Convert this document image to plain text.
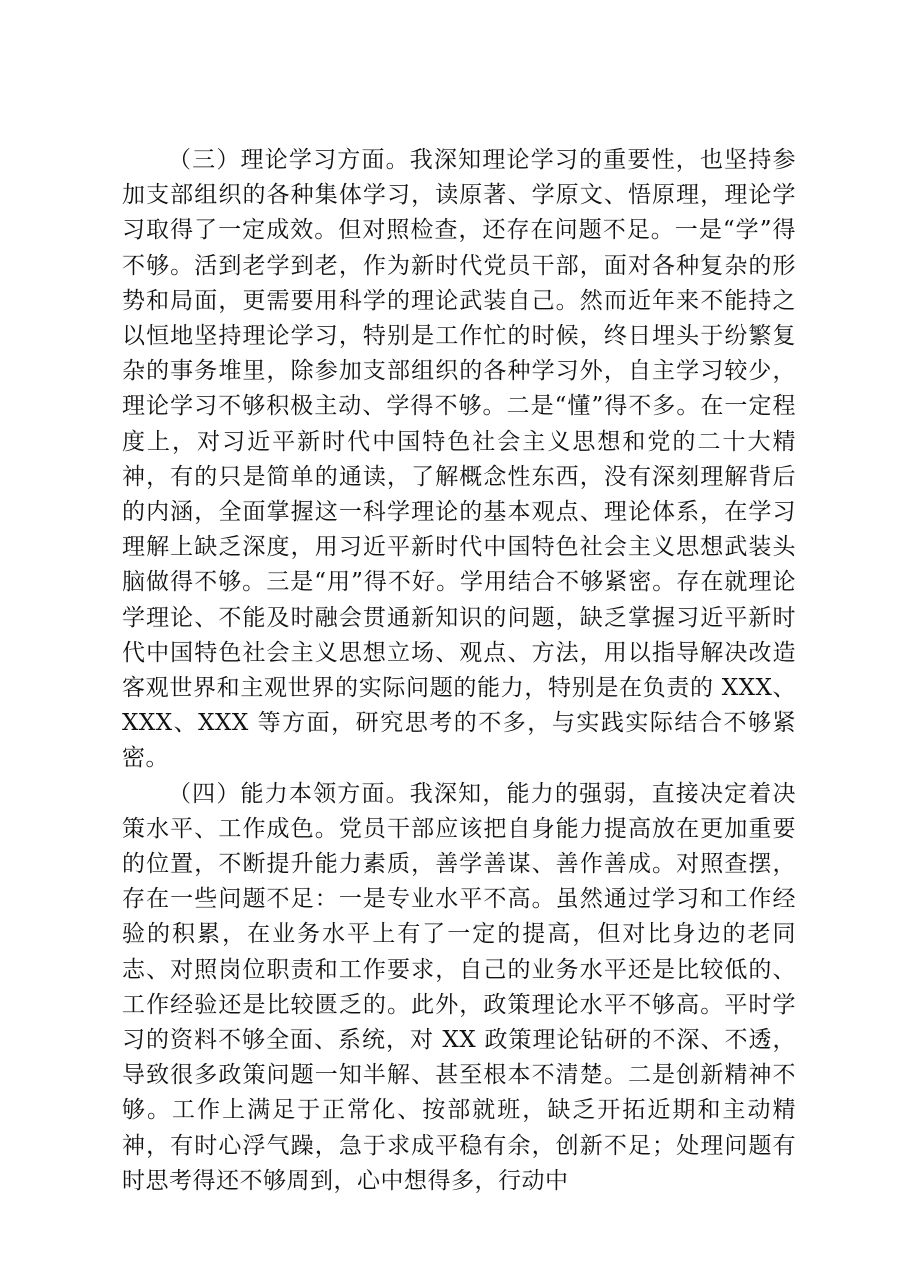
（三）理论学习方面。我深知理论学习的重要性，也坚持参加支部组织的各种集体学习，读原著、学原文、悟原理，理论学习取得了一定成效。但对照检查，还存在问题不足。一是“学”得不够。活到老学到老，作为新时代党员干部，面对各种复杂的形势和局面，更需要用科学的理论武装自己。然而近年来不能持之以恒地坚持理论学习，特别是工作忙的时候，终日埋头于纷繁复杂的事务堆里，除参加支部组织的各种学习外，自主学习较少，理论学习不够积极主动、学得不够。二是“懂”得不多。在一定程度上，对习近平新时代中国特色社会主义思想和党的二十大精神，有的只是简单的通读，了解概念性东西，没有深刻理解背后的内涵，全面掌握这一科学理论的基本观点、理论体系，在学习理解上缺乏深度，用习近平新时代中国特色社会主义思想武装头脑做得不够。三是“用”得不好。学用结合不够紧密。存在就理论学理论、不能及时融会贯通新知识的问题，缺乏掌握习近平新时代中国特色社会主义思想立场、观点、方法，用以指导解决改造客观世界和主观世界的实际问题的能力，特别是在负责的 XXX、XXX、XXX 等方面，研究思考的不多，与实践实际结合不够紧密。

（四）能力本领方面。我深知，能力的强弱，直接决定着决策水平、工作成色。党员干部应该把自身能力提高放在更加重要的位置，不断提升能力素质，善学善谋、善作善成。对照查摆，存在一些问题不足：一是专业水平不高。虽然通过学习和工作经验的积累，在业务水平上有了一定的提高，但对比身边的老同志、对照岗位职责和工作要求，自己的业务水平还是比较低的、工作经验还是比较匮乏的。此外，政策理论水平不够高。平时学习的资料不够全面、系统，对 XX 政策理论钻研的不深、不透，导致很多政策问题一知半解、甚至根本不清楚。二是创新精神不够。工作上满足于正常化、按部就班，缺乏开拓近期和主动精神，有时心浮气躁，急于求成平稳有余，创新不足；处理问题有时思考得还不够周到，心中想得多，行动中
